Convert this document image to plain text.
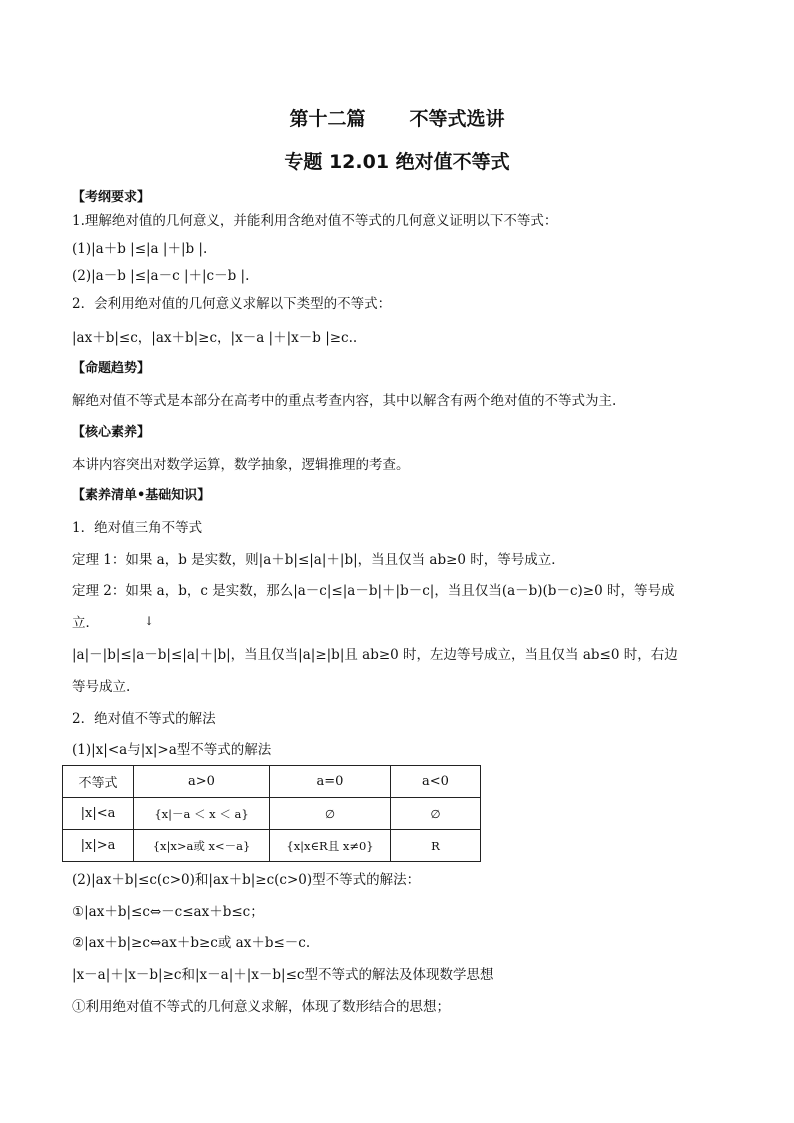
第十二篇 不等式选讲
专题 12.01 绝对值不等式
【考纲要求】
1.理解绝对值的几何意义，并能利用含绝对值不等式的几何意义证明以下不等式：
(1)|a＋b |≤|a |＋|b |.
(2)|a－b |≤|a－c |＋|c－b |.
2．会利用绝对值的几何意义求解以下类型的不等式：
|ax＋b|≤c，|ax＋b|≥c，|x－a |＋|x－b |≥c..
【命题趋势】
解绝对值不等式是本部分在高考中的重点考查内容，其中以解含有两个绝对值的不等式为主.
【核心素养】
本讲内容突出对数学运算，数学抽象，逻辑推理的考查。
【素养清单•基础知识】
1．绝对值三角不等式
定理 1：如果 a，b 是实数，则|a＋b|≤|a|＋|b|，当且仅当 ab≥0 时，等号成立．
定理 2：如果 a，b，c 是实数，那么|a－c|≤|a－b|＋|b－c|，当且仅当(a－b)(b－c)≥0 时，等号成
立．	↓
|a|－|b|≤|a－b|≤|a|＋|b|，当且仅当|a|≥|b|且 ab≥0 时，左边等号成立，当且仅当 ab≤0 时，右边
等号成立.
2．绝对值不等式的解法
(1)|x|<a与|x|>a型不等式的解法
不等式	a>0	a=0	a<0
|x|<a	{x|－a ＜ x ＜ a}	∅	∅
|x|>a	{x|x>a或 x<－a}	{x|x∈R且 x≠0}	R
(2)|ax＋b|≤c(c>0)和|ax＋b|≥c(c>0)型不等式的解法：
①|ax＋b|≤c⇔－c≤ax＋b≤c；
②|ax＋b|≥c⇔ax＋b≥c或 ax＋b≤－c.
|x－a|＋|x－b|≥c和|x－a|＋|x－b|≤c型不等式的解法及体现数学思想
①利用绝对值不等式的几何意义求解，体现了数形结合的思想；
